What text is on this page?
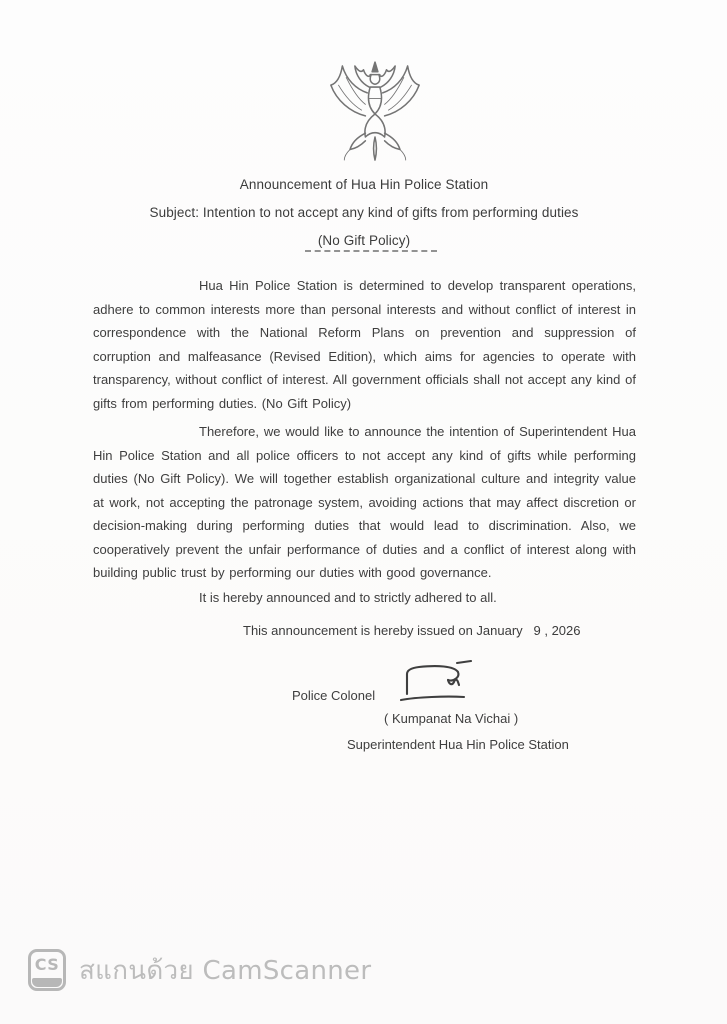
Announcement of Hua Hin Police Station
Subject: Intention to not accept any kind of gifts from performing duties
(No Gift Policy)
Hua Hin Police Station is determined to develop transparent operations, adhere to common interests more than personal interests and without conflict of interest in correspondence with the National Reform Plans on prevention and suppression of corruption and malfeasance (Revised Edition), which aims for agencies to operate with transparency, without conflict of interest. All government officials shall not accept any kind of gifts from performing duties. (No Gift Policy)
Therefore, we would like to announce the intention of Superintendent Hua Hin Police Station and all police officers to not accept any kind of gifts while performing duties (No Gift Policy). We will together establish organizational culture and integrity value at work, not accepting the patronage system, avoiding actions that may affect discretion or decision-making during performing duties that would lead to discrimination. Also, we cooperatively prevent the unfair performance of duties and a conflict of interest along with building public trust by performing our duties with good governance.
It is hereby announced and to strictly adhered to all.
This announcement is hereby issued on January   9 , 2026
Police Colonel
( Kumpanat Na Vichai )
Superintendent Hua Hin Police Station
CS สแกนด้วย CamScanner
